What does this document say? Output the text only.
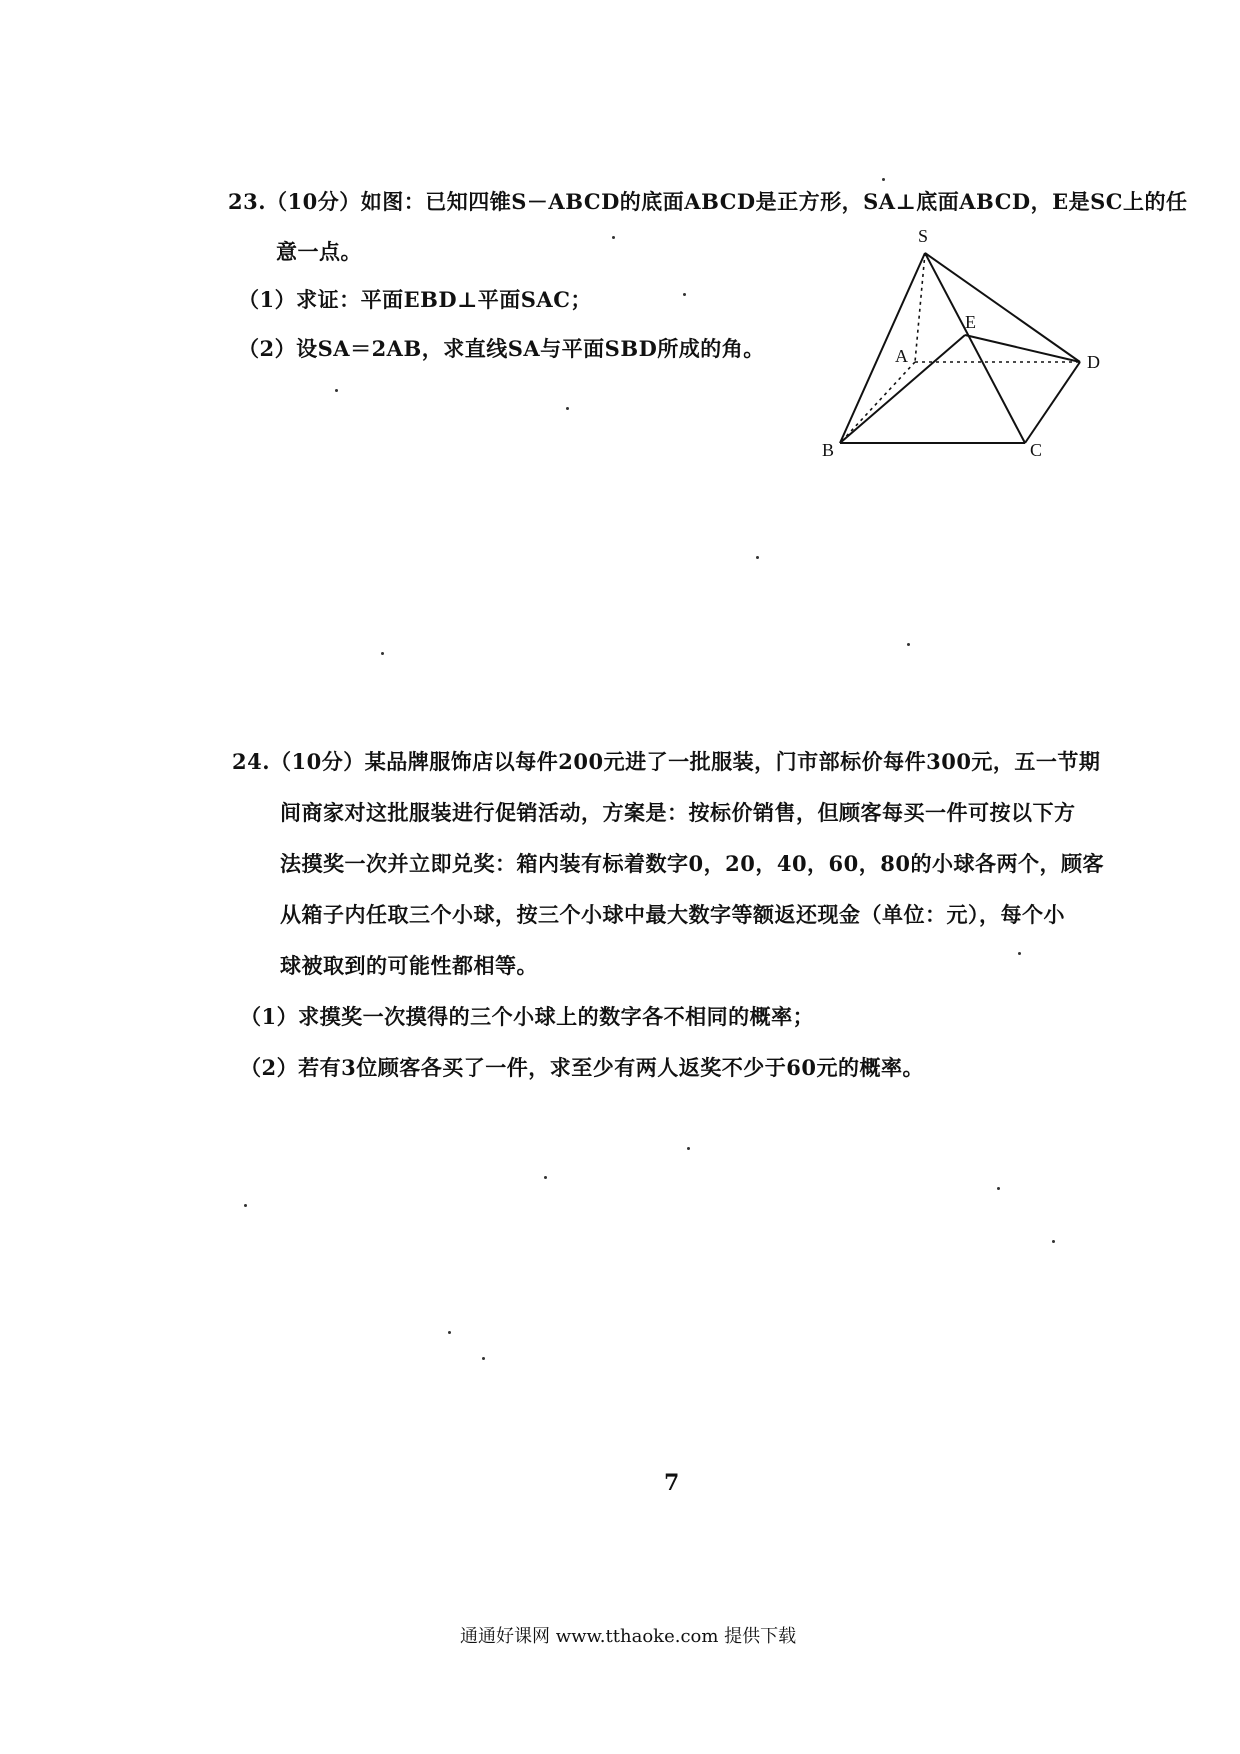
23.（10分）如图：已知四锥S－ABCD的底面ABCD是正方形，SA⊥底面ABCD，E是SC上的任
意一点。
（1）求证：平面EBD⊥平面SAC；
（2）设SA＝2AB，求直线SA与平面SBD所成的角。
S
E
A	D
B	C
24.（10分）某品牌服饰店以每件200元进了一批服装，门市部标价每件300元，五一节期
间商家对这批服装进行促销活动，方案是：按标价销售，但顾客每买一件可按以下方
法摸奖一次并立即兑奖：箱内装有标着数字0，20，40，60，80的小球各两个，顾客
从箱子内任取三个小球，按三个小球中最大数字等额返还现金（单位：元），每个小
球被取到的可能性都相等。
（1）求摸奖一次摸得的三个小球上的数字各不相同的概率；
（2）若有3位顾客各买了一件，求至少有两人返奖不少于60元的概率。
7
通通好课网 www.tthaoke.com 提供下载
